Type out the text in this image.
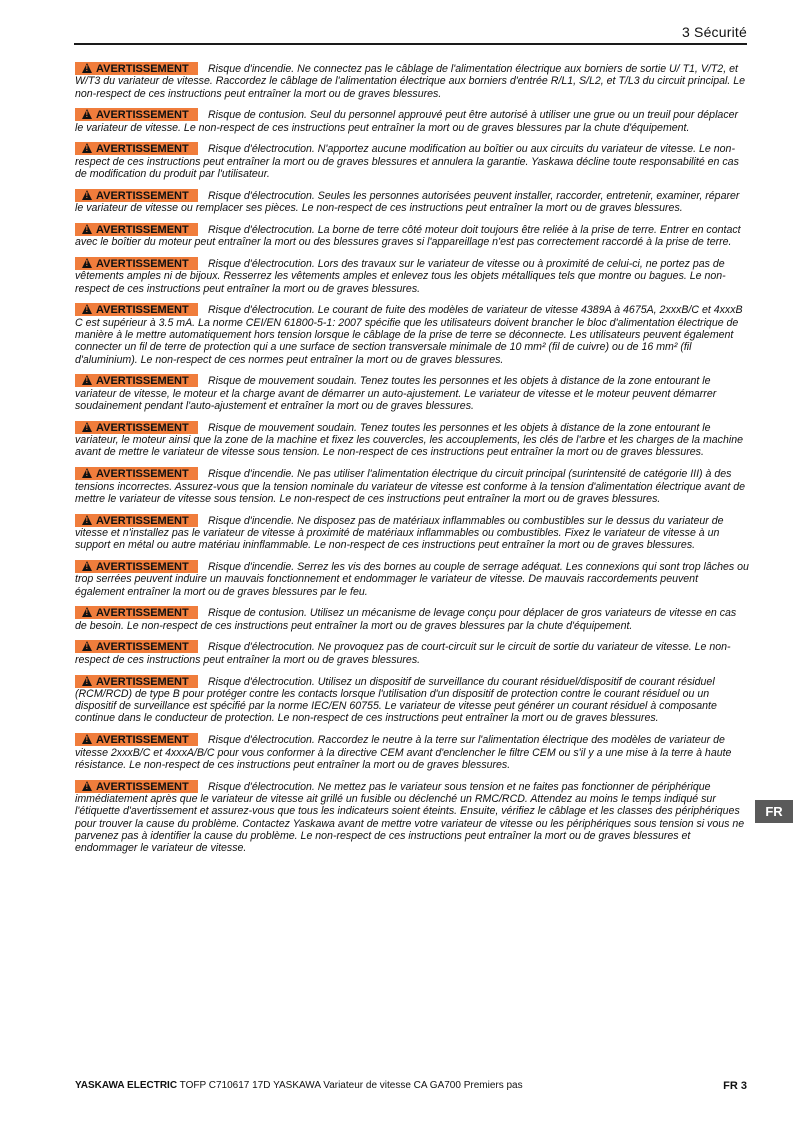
3 Sécurité
!AVERTISSEMENT Risque d'incendie. Ne connectez pas le câblage de l'alimentation électrique aux borniers de sortie U/ T1, V/T2, et W/T3 du variateur de vitesse. Raccordez le câblage de l'alimentation électrique aux borniers d'entrée R/L1, S/L2, et T/L3 du circuit principal. Le non-respect de ces instructions peut entraîner la mort ou de graves blessures.
!AVERTISSEMENT Risque de contusion. Seul du personnel approuvé peut être autorisé à utiliser une grue ou un treuil pour déplacer le variateur de vitesse. Le non-respect de ces instructions peut entraîner la mort ou de graves blessures par la chute d'équipement.
!AVERTISSEMENT Risque d'électrocution. N'apportez aucune modification au boîtier ou aux circuits du variateur de vitesse. Le non-respect de ces instructions peut entraîner la mort ou de graves blessures et annulera la garantie. Yaskawa décline toute responsabilité en cas de modification du produit par l'utilisateur.
!AVERTISSEMENT Risque d'électrocution. Seules les personnes autorisées peuvent installer, raccorder, entretenir, examiner, réparer le variateur de vitesse ou remplacer ses pièces. Le non-respect de ces instructions peut entraîner la mort ou de graves blessures.
!AVERTISSEMENT Risque d'électrocution. La borne de terre côté moteur doit toujours être reliée à la prise de terre. Entrer en contact avec le boîtier du moteur peut entraîner la mort ou des blessures graves si l'appareillage n'est pas correctement raccordé à la prise de terre.
!AVERTISSEMENT Risque d'électrocution. Lors des travaux sur le variateur de vitesse ou à proximité de celui-ci, ne portez pas de vêtements amples ni de bijoux. Resserrez les vêtements amples et enlevez tous les objets métalliques tels que montre ou bagues. Le non-respect de ces instructions peut entraîner la mort ou de graves blessures.
!AVERTISSEMENT Risque d'électrocution. Le courant de fuite des modèles de variateur de vitesse 4389A à 4675A, 2xxxB/C et 4xxxB C est supérieur à 3.5 mA. La norme CEI/EN 61800-5-1: 2007 spécifie que les utilisateurs doivent brancher le bloc d'alimentation électrique de manière à le mettre automatiquement hors tension lorsque le câblage de la prise de terre se déconnecte. Les utilisateurs peuvent également connecter un fil de terre de protection qui a une surface de section transversale minimale de 10 mm² (fil de cuivre) ou de 16 mm² (fil d'aluminium). Le non-respect de ces normes peut entraîner la mort ou de graves blessures.
!AVERTISSEMENT Risque de mouvement soudain. Tenez toutes les personnes et les objets à distance de la zone entourant le variateur de vitesse, le moteur et la charge avant de démarrer un auto-ajustement. Le variateur de vitesse et le moteur peuvent démarrer soudainement pendant l'auto-ajustement et entraîner la mort ou de graves blessures.
!AVERTISSEMENT Risque de mouvement soudain. Tenez toutes les personnes et les objets à distance de la zone entourant le variateur, le moteur ainsi que la zone de la machine et fixez les couvercles, les accouplements, les clés de l'arbre et les charges de la machine avant de mettre le variateur de vitesse sous tension. Le non-respect de ces instructions peut entraîner la mort ou de graves blessures.
!AVERTISSEMENT Risque d'incendie. Ne pas utiliser l'alimentation électrique du circuit principal (surintensité de catégorie III) à des tensions incorrectes. Assurez-vous que la tension nominale du variateur de vitesse est conforme à la tension d'alimentation électrique avant de mettre le variateur de vitesse sous tension. Le non-respect de ces instructions peut entraîner la mort ou de graves blessures.
!AVERTISSEMENT Risque d'incendie. Ne disposez pas de matériaux inflammables ou combustibles sur le dessus du variateur de vitesse et n'installez pas le variateur de vitesse à proximité de matériaux inflammables ou combustibles. Fixez le variateur de vitesse à un support en métal ou autre matériau ininflammable. Le non-respect de ces instructions peut entraîner la mort ou de graves blessures.
!AVERTISSEMENT Risque d'incendie. Serrez les vis des bornes au couple de serrage adéquat. Les connexions qui sont trop lâches ou trop serrées peuvent induire un mauvais fonctionnement et endommager le variateur de vitesse. De mauvais raccordements peuvent également entraîner la mort ou de graves blessures par le feu.
!AVERTISSEMENT Risque de contusion. Utilisez un mécanisme de levage conçu pour déplacer de gros variateurs de vitesse en cas de besoin. Le non-respect de ces instructions peut entraîner la mort ou de graves blessures par la chute d'équipement.
!AVERTISSEMENT Risque d'électrocution. Ne provoquez pas de court-circuit sur le circuit de sortie du variateur de vitesse. Le non-respect de ces instructions peut entraîner la mort ou de graves blessures.
!AVERTISSEMENT Risque d'électrocution. Utilisez un dispositif de surveillance du courant résiduel/dispositif de courant résiduel (RCM/RCD) de type B pour protéger contre les contacts lorsque l'utilisation d'un dispositif de protection contre le courant résiduel ou un dispositif de surveillance est spécifié par la norme IEC/EN 60755. Le variateur de vitesse peut générer un courant résiduel à composante continue dans le conducteur de protection. Le non-respect de ces instructions peut entraîner la mort ou de graves blessures.
!AVERTISSEMENT Risque d'électrocution. Raccordez le neutre à la terre sur l'alimentation électrique des modèles de variateur de vitesse 2xxxB/C et 4xxxA/B/C pour vous conformer à la directive CEM avant d'enclencher le filtre CEM ou s'il y a une mise à la terre à haute résistance. Le non-respect de ces instructions peut entraîner la mort ou de graves blessures.
!AVERTISSEMENT Risque d'électrocution. Ne mettez pas le variateur sous tension et ne faites pas fonctionner de périphérique immédiatement après que le variateur de vitesse ait grillé un fusible ou déclenché un RMC/RCD. Attendez au moins le temps indiqué sur l'étiquette d'avertissement et assurez-vous que tous les indicateurs soient éteints. Ensuite, vérifiez le câblage et les classes des périphériques pour trouver la cause du problème. Contactez Yaskawa avant de mettre votre variateur de vitesse ou les périphériques sous tension si vous ne parvenez pas à identifier la cause du problème. Le non-respect de ces instructions peut entraîner la mort ou de graves blessures et endommager le variateur de vitesse.
FR
YASKAWA ELECTRIC TOFP C710617 17D YASKAWA Variateur de vitesse CA GA700 Premiers pas	FR 3
